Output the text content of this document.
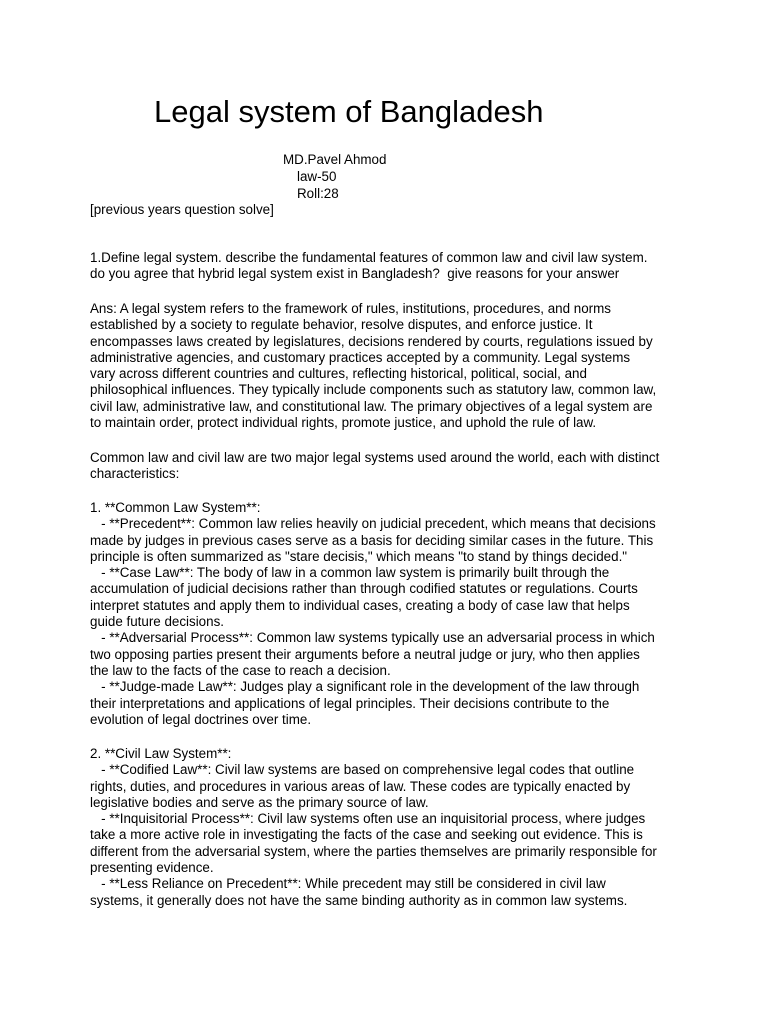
Legal system of Bangladesh
MD.Pavel Ahmod
law-50
Roll:28
[previous years question solve]
1.Define legal system. describe the fundamental features of common law and civil law system.
do you agree that hybrid legal system exist in Bangladesh?  give reasons for your answer
Ans: A legal system refers to the framework of rules, institutions, procedures, and norms
established by a society to regulate behavior, resolve disputes, and enforce justice. It
encompasses laws created by legislatures, decisions rendered by courts, regulations issued by
administrative agencies, and customary practices accepted by a community. Legal systems
vary across different countries and cultures, reflecting historical, political, social, and
philosophical influences. They typically include components such as statutory law, common law,
civil law, administrative law, and constitutional law. The primary objectives of a legal system are
to maintain order, protect individual rights, promote justice, and uphold the rule of law.
Common law and civil law are two major legal systems used around the world, each with distinct
characteristics:
1. **Common Law System**:
- **Precedent**: Common law relies heavily on judicial precedent, which means that decisions
made by judges in previous cases serve as a basis for deciding similar cases in the future. This
principle is often summarized as "stare decisis," which means "to stand by things decided."
- **Case Law**: The body of law in a common law system is primarily built through the
accumulation of judicial decisions rather than through codified statutes or regulations. Courts
interpret statutes and apply them to individual cases, creating a body of case law that helps
guide future decisions.
- **Adversarial Process**: Common law systems typically use an adversarial process in which
two opposing parties present their arguments before a neutral judge or jury, who then applies
the law to the facts of the case to reach a decision.
- **Judge-made Law**: Judges play a significant role in the development of the law through
their interpretations and applications of legal principles. Their decisions contribute to the
evolution of legal doctrines over time.
2. **Civil Law System**:
- **Codified Law**: Civil law systems are based on comprehensive legal codes that outline
rights, duties, and procedures in various areas of law. These codes are typically enacted by
legislative bodies and serve as the primary source of law.
- **Inquisitorial Process**: Civil law systems often use an inquisitorial process, where judges
take a more active role in investigating the facts of the case and seeking out evidence. This is
different from the adversarial system, where the parties themselves are primarily responsible for
presenting evidence.
- **Less Reliance on Precedent**: While precedent may still be considered in civil law
systems, it generally does not have the same binding authority as in common law systems.
